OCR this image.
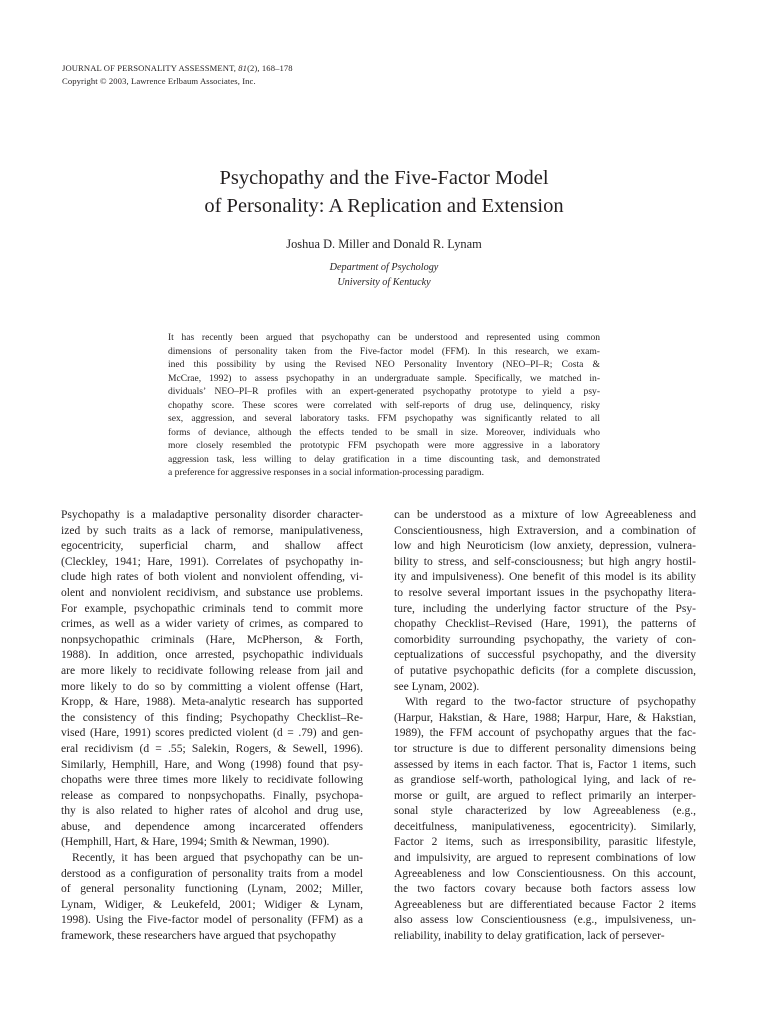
JOURNAL OF PERSONALITY ASSESSMENT, 81(2), 168–178
Copyright © 2003, Lawrence Erlbaum Associates, Inc.
Psychopathy and the Five-Factor Model
of Personality: A Replication and Extension
Joshua D. Miller and Donald R. Lynam
Department of Psychology
University of Kentucky
It has recently been argued that psychopathy can be understood and represented using common
dimensions of personality taken from the Five-factor model (FFM). In this research, we exam-
ined this possibility by using the Revised NEO Personality Inventory (NEO–PI–R; Costa &
McCrae, 1992) to assess psychopathy in an undergraduate sample. Specifically, we matched in-
dividuals’ NEO–PI–R profiles with an expert-generated psychopathy prototype to yield a psy-
chopathy score. These scores were correlated with self-reports of drug use, delinquency, risky
sex, aggression, and several laboratory tasks. FFM psychopathy was significantly related to all
forms of deviance, although the effects tended to be small in size. Moreover, individuals who
more closely resembled the prototypic FFM psychopath were more aggressive in a laboratory
aggression task, less willing to delay gratification in a time discounting task, and demonstrated
a preference for aggressive responses in a social information-processing paradigm.
Psychopathy is a maladaptive personality disorder character-
ized by such traits as a lack of remorse, manipulativeness,
egocentricity, superficial charm, and shallow affect
(Cleckley, 1941; Hare, 1991). Correlates of psychopathy in-
clude high rates of both violent and nonviolent offending, vi-
olent and nonviolent recidivism, and substance use problems.
For example, psychopathic criminals tend to commit more
crimes, as well as a wider variety of crimes, as compared to
nonpsychopathic criminals (Hare, McPherson, & Forth,
1988). In addition, once arrested, psychopathic individuals
are more likely to recidivate following release from jail and
more likely to do so by committing a violent offense (Hart,
Kropp, & Hare, 1988). Meta-analytic research has supported
the consistency of this finding; Psychopathy Checklist–Re-
vised (Hare, 1991) scores predicted violent (d = .79) and gen-
eral recidivism (d = .55; Salekin, Rogers, & Sewell, 1996).
Similarly, Hemphill, Hare, and Wong (1998) found that psy-
chopaths were three times more likely to recidivate following
release as compared to nonpsychopaths. Finally, psychopa-
thy is also related to higher rates of alcohol and drug use,
abuse, and dependence among incarcerated offenders
(Hemphill, Hart, & Hare, 1994; Smith & Newman, 1990).
Recently, it has been argued that psychopathy can be un-
derstood as a configuration of personality traits from a model
of general personality functioning (Lynam, 2002; Miller,
Lynam, Widiger, & Leukefeld, 2001; Widiger & Lynam,
1998). Using the Five-factor model of personality (FFM) as a
framework, these researchers have argued that psychopathy
can be understood as a mixture of low Agreeableness and
Conscientiousness, high Extraversion, and a combination of
low and high Neuroticism (low anxiety, depression, vulnera-
bility to stress, and self-consciousness; but high angry hostil-
ity and impulsiveness). One benefit of this model is its ability
to resolve several important issues in the psychopathy litera-
ture, including the underlying factor structure of the Psy-
chopathy Checklist–Revised (Hare, 1991), the patterns of
comorbidity surrounding psychopathy, the variety of con-
ceptualizations of successful psychopathy, and the diversity
of putative psychopathic deficits (for a complete discussion,
see Lynam, 2002).
With regard to the two-factor structure of psychopathy
(Harpur, Hakstian, & Hare, 1988; Harpur, Hare, & Hakstian,
1989), the FFM account of psychopathy argues that the fac-
tor structure is due to different personality dimensions being
assessed by items in each factor. That is, Factor 1 items, such
as grandiose self-worth, pathological lying, and lack of re-
morse or guilt, are argued to reflect primarily an interper-
sonal style characterized by low Agreeableness (e.g.,
deceitfulness, manipulativeness, egocentricity). Similarly,
Factor 2 items, such as irresponsibility, parasitic lifestyle,
and impulsivity, are argued to represent combinations of low
Agreeableness and low Conscientiousness. On this account,
the two factors covary because both factors assess low
Agreeableness but are differentiated because Factor 2 items
also assess low Conscientiousness (e.g., impulsiveness, un-
reliability, inability to delay gratification, lack of persever-
